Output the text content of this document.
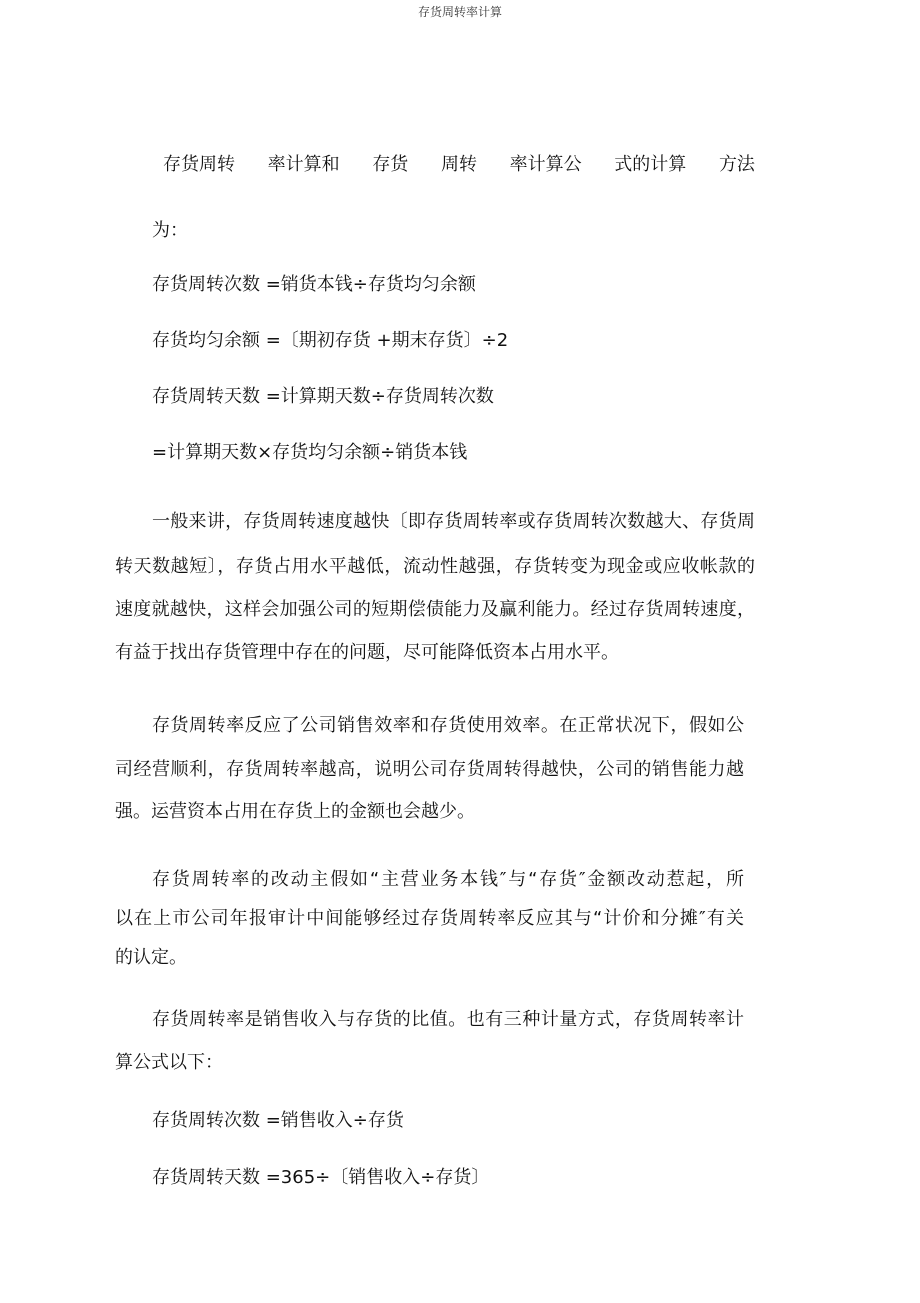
存货周转率计算
存货周转 率计算和 存货 周转 率计算公 式的计算 方法
为：
存货周转次数 =销货本钱÷存货均匀余额
存货均匀余额 =〔期初存货 +期末存货〕÷2
存货周转天数 =计算期天数÷存货周转次数
=计算期天数×存货均匀余额÷销货本钱
一般来讲，存货周转速度越快〔即存货周转率或存货周转次数越大、存货周
转天数越短〕，存货占用水平越低，流动性越强，存货转变为现金或应收帐款的
速度就越快，这样会加强公司的短期偿债能力及赢利能力。经过存货周转速度，
有益于找出存货管理中存在的问题，尽可能降低资本占用水平。
存货周转率反应了公司销售效率和存货使用效率。在正常状况下，假如公
司经营顺利，存货周转率越高，说明公司存货周转得越快，公司的销售能力越
强。运营资本占用在存货上的金额也会越少。
存货周转率的改动主假如“主营业务本钱″与“存货″金额改动惹起，所
以在上市公司年报审计中间能够经过存货周转率反应其与“计价和分摊″有关
的认定。
存货周转率是销售收入与存货的比值。也有三种计量方式，存货周转率计
算公式以下：
存货周转次数 =销售收入÷存货
存货周转天数 =365÷〔销售收入÷存货〕
